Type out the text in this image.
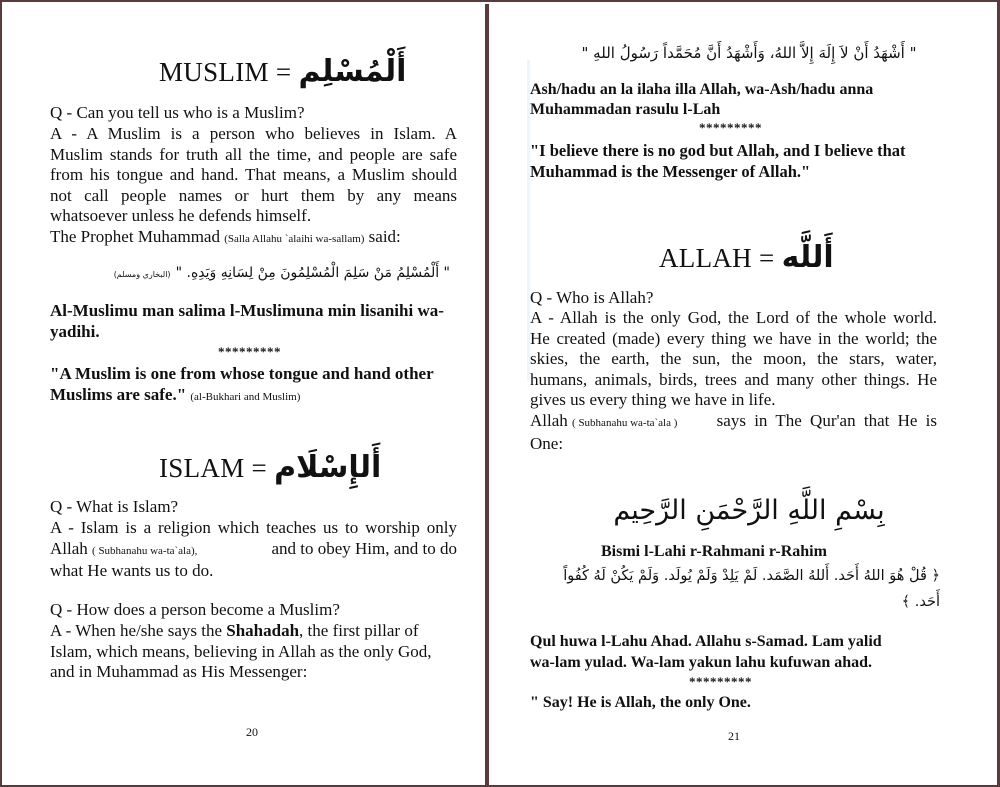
MUSLIM = أَلْمُسْلِم
Q - Can you tell us who is a Muslim?
A - A Muslim is a person who believes in Islam. A
Muslim stands for truth all the time, and people are safe
from his tongue and hand. That means, a Muslim should
not call people names or hurt them by any means
whatsoever unless he defends himself.
The Prophet Muhammad (Salla Allahu `alaihi wa-sallam) said:
" أَلْمُسْلِمُ مَنْ سَلِمَ الْمُسْلِمُونَ مِنْ لِسَانِهِ وَيَدِهِ. " (البخاري ومسلم)
Al-Muslimu man salima l-Muslimuna min lisanihi wa-
yadihi.
*********
"A Muslim is one from whose tongue and hand other
Muslims are safe." (al-Bukhari and Muslim)
ISLAM = أَلإِسْلَام
Q - What is Islam?
A - Islam is a religion which teaches us to worship only
Allah ( Subhanahu wa-ta`ala),	and to obey Him, and to do
what He wants us to do.
Q - How does a person become a Muslim?
A - When he/she says the Shahadah, the first pillar of
Islam, which means, believing in Allah as the only God,
and in Muhammad as His Messenger:
20
" أَشْهَدُ أَنْ لاَ إِلَهَ إِلاَّ اللهُ، وَأَشْهَدُ أَنَّ مُحَمَّداً رَسُولُ اللهِ "
Ash/hadu an la ilaha illa Allah, wa-Ash/hadu anna
Muhammadan rasulu l-Lah
*********
"I believe there is no god but Allah, and I believe that
Muhammad is the Messenger of Allah."
ALLAH = أَللَّه
Q - Who is Allah?
A - Allah is the only God, the Lord of the whole world.
He created (made) every thing we have in the world; the
skies, the earth, the sun, the moon, the stars, water,
humans, animals, birds, trees and many other things. He
gives us every thing we have in life.
Allah ( Subhanahu wa-ta`ala ) says in The Qur'an that He is
One:
بِسْمِ اللَّهِ الرَّحْمَنِ الرَّحِيم
Bismi l-Lahi r-Rahmani r-Rahim
﴿ قُلْ هُوَ اللهُ أَحَد. أَللهُ الصَّمَد. لَمْ يَلِدْ وَلَمْ يُولَد. وَلَمْ يَكُنْ لَهُ كُفُواً
أَحَد. ﴾
Qul huwa l-Lahu Ahad. Allahu s-Samad. Lam yalid
wa-lam yulad. Wa-lam yakun lahu kufuwan ahad.
*********
" Say! He is Allah, the only One.
21
